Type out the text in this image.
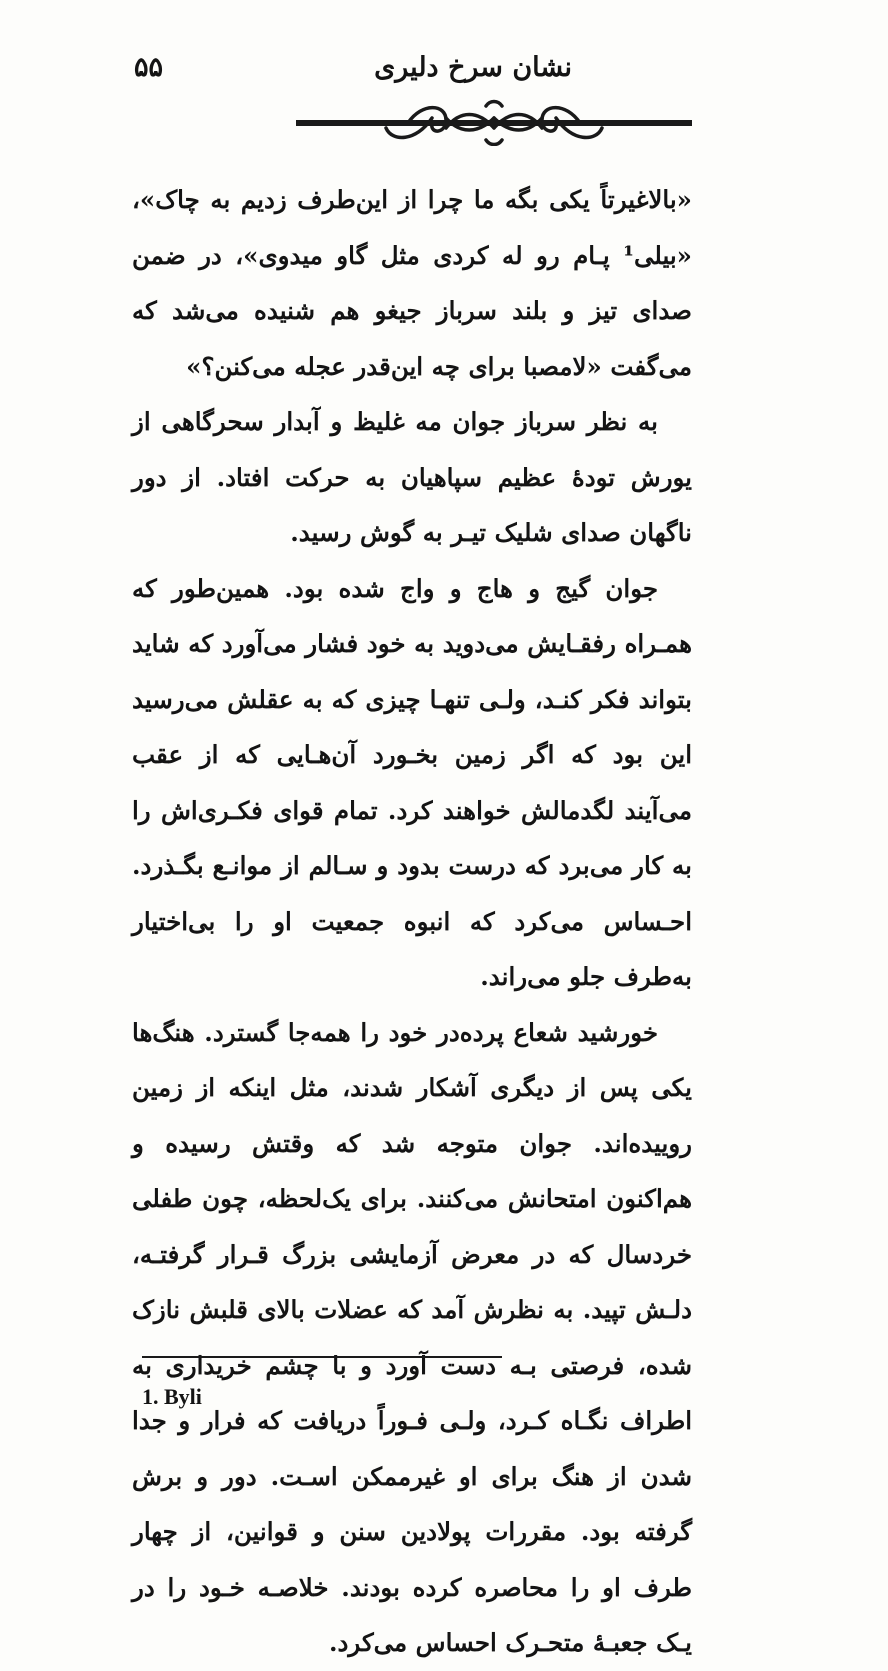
نشان سرخ دلیری
۵۵

«بالاغیرتاً یکی بگه ما چرا از این‌طرف زدیم به چاک»، «بیلی¹ پـام رو له کردی مثل گاو میدوی»، در ضمن صدای تیز و بلند سرباز جیغو هم شنیده می‌شد که می‌گفت «لامصبا برای چه این‌قدر عجله می‌کنن؟»

به نظر سرباز جوان مه غلیظ و آبدار سحرگاهی از یورش تودهٔ عظیم سپاهیان به حرکت افتاد. از دور ناگهان صدای شلیک تیـر به گوش رسید.

جوان گیج و هاج و واج شده بود. همین‌طور که همـراه رفقـایش می‌دوید به خود فشار می‌آورد که شاید بتواند فکر کنـد، ولـی تنهـا چیزی که به عقلش می‌رسید این بود که اگر زمین بخـورد آن‌هـایی که از عقب می‌آیند لگدمالش خواهند کرد. تمام قوای فکـری‌اش را به کار می‌برد که درست بدود و سـالم از موانـع بگـذرد. احـساس می‌کرد که انبوه جمعیت او را بی‌اختیار به‌طرف جلو می‌راند.

خورشید شعاع پرده‌در خود را همه‌جا گسترد. هنگ‌ها یکی پس از دیگری آشکار شدند، مثل اینکه از زمین روییده‌اند. جوان متوجه شد که وقتش رسیده و هم‌اکنون امتحانش می‌کنند. برای یک‌لحظه، چون طفلی خردسال که در معرض آزمایشی بزرگ قـرار گرفتـه، دلـش تپید. به نظرش آمد که عضلات بالای قلبش نازک شده، فرصتی بـه دست آورد و با چشم خریداری به اطراف نگـاه کـرد، ولـی فـوراً دریافت که فرار و جدا شدن از هنگ برای او غیرممکن اسـت. دور و برش گرفته بود. مقررات پولادین سنن و قوانین، از چهار طرف او را محاصره کرده بودند. خلاصـه خـود را در یـک جعبـهٔ متحـرک احساس می‌کرد.

1. Byli
